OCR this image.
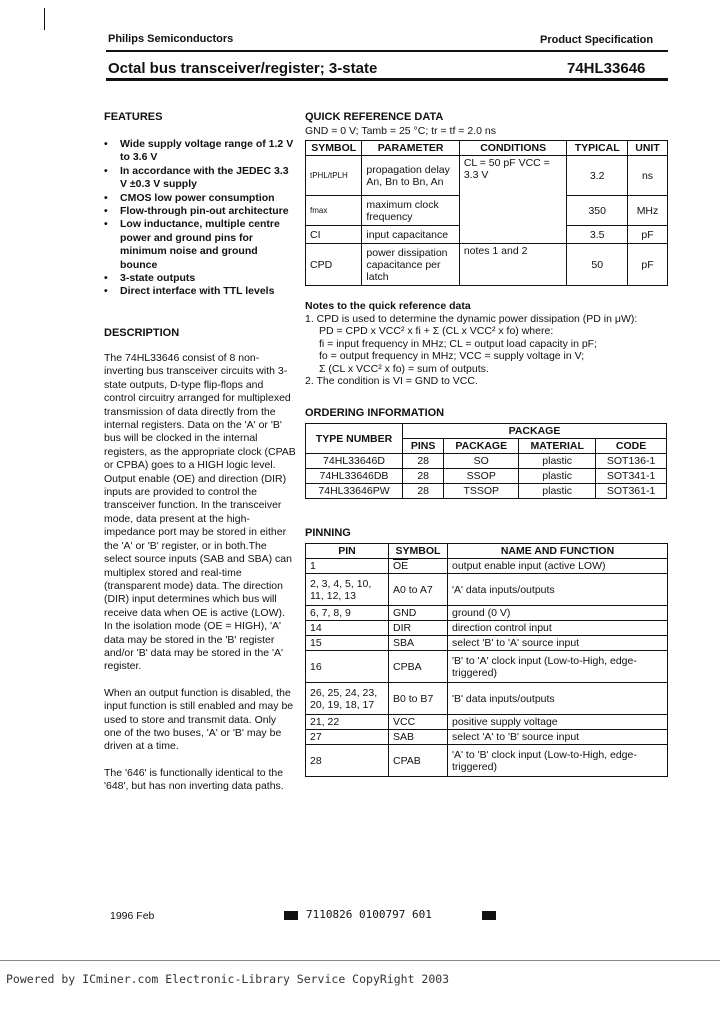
Philips Semiconductors	Product Specification
Octal bus transceiver/register; 3-state	74HL33646
FEATURES
• Wide supply voltage range of 1.2 V to 3.6 V
• In accordance with the JEDEC 3.3 V ±0.3 V supply
• CMOS low power consumption
• Flow-through pin-out architecture
• Low inductance, multiple centre power and ground pins for minimum noise and ground bounce
• 3-state outputs
• Direct interface with TTL levels
DESCRIPTION

The 74HL33646 consist of 8 non-inverting bus transceiver circuits with 3-state outputs, D-type flip-flops and control circuitry arranged for multiplexed transmission of data directly from the internal registers. Data on the 'A' or 'B' bus will be clocked in the internal registers, as the appropriate clock (CPAB or CPBA) goes to a HIGH logic level. Output enable (OE) and direction (DIR) inputs are provided to control the transceiver function. In the transceiver mode, data present at the high-impedance port may be stored in either the 'A' or 'B' register, or in both.The select source inputs (SAB and SBA) can multiplex stored and real-time (transparent mode) data. The direction (DIR) input determines which bus will receive data when OE is active (LOW). In the isolation mode (OE = HIGH), 'A' data may be stored in the 'B' register and/or 'B' data may be stored in the 'A' register.

When an output function is disabled, the input function is still enabled and may be used to store and transmit data. Only one of the two buses, 'A' or 'B' may be driven at a time.

The '646' is functionally identical to the '648', but has non inverting data paths.

QUICK REFERENCE DATA
GND = 0 V; Tamb = 25 °C; tr = tf = 2.0 ns
SYMBOL	PARAMETER	CONDITIONS	TYPICAL	UNIT
tPHL/tPLH	propagation delay An, Bn to Bn, An	CL = 50 pF VCC = 3.3 V	3.2	ns
fmax	maximum clock frequency		350	MHz
CI	input capacitance		3.5	pF
CPD	power dissipation capacitance per latch	notes 1 and 2	50	pF
Notes to the quick reference data
1. CPD is used to determine the dynamic power dissipation (PD in μW):
PD = CPD x VCC² x fi + Σ (CL x VCC² x fo) where:
fi = input frequency in MHz; CL = output load capacity in pF;
fo = output frequency in MHz; VCC = supply voltage in V;
Σ (CL x VCC² x fo) = sum of outputs.
2. The condition is VI = GND to VCC.
ORDERING INFORMATION
TYPE NUMBER	PACKAGE			
	PINS	PACKAGE	MATERIAL	CODE
74HL33646D	28	SO	plastic	SOT136-1
74HL33646DB	28	SSOP	plastic	SOT341-1
74HL33646PW	28	TSSOP	plastic	SOT361-1
PINNING
PIN	SYMBOL	NAME AND FUNCTION
1	$\overline{OE}$	output enable input (active LOW)
2, 3, 4, 5, 10, 11, 12, 13	A0 to A7	'A' data inputs/outputs
6, 7, 8, 9	GND	ground (0 V)
14	DIR	direction control input
15	SBA	select 'B' to 'A' source input
16	CPBA	'B' to 'A' clock input (Low-to-High, edge-triggered)
26, 25, 24, 23, 20, 19, 18, 17	B0 to B7	'B' data inputs/outputs
21, 22	VCC	positive supply voltage
27	SAB	select 'A' to 'B' source input
28	CPAB	'A' to 'B' clock input (Low-to-High, edge-triggered)
1996 Feb	7110826 0100797 601
Powered by ICminer.com Electronic-Library Service CopyRight 2003
